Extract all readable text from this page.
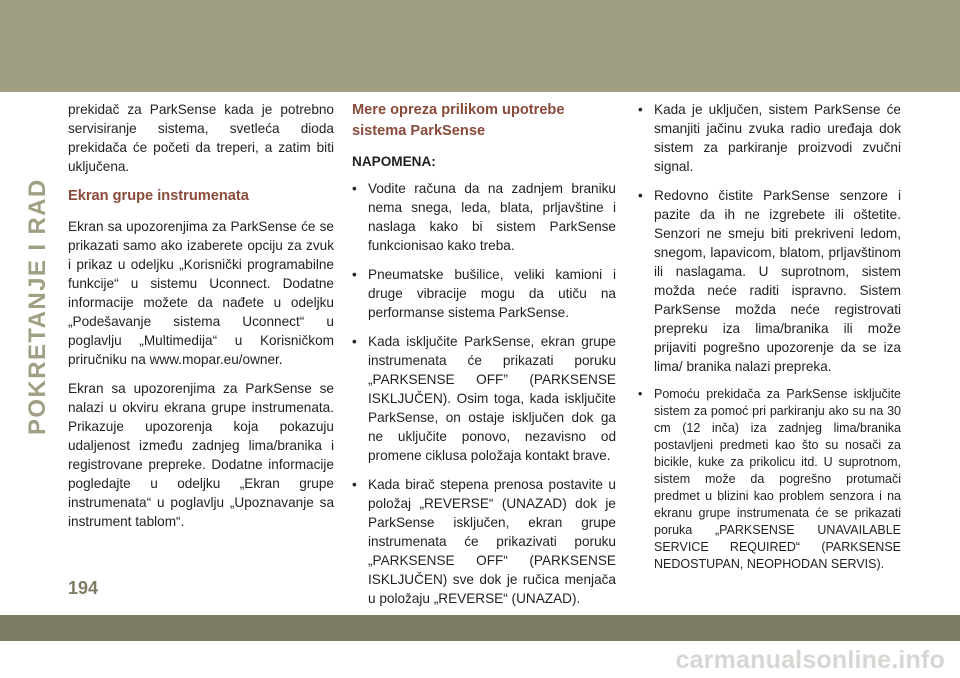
POKRETANJE I RAD

prekidač za ParkSense kada je potrebno servisiranje sistema, svetleća dioda prekidača će početi da treperi, a zatim biti uključena.

Ekran grupe instrumenata

Ekran sa upozorenjima za ParkSense će se prikazati samo ako izaberete opciju za zvuk i prikaz u odeljku „Korisnički programabilne funkcije“ u sistemu Uconnect. Dodatne informacije možete da nađete u odeljku „Podešavanje sistema Uconnect“ u poglavlju „Multimedija“ u Korisničkom priručniku na www.mopar.eu/owner.

Ekran sa upozorenjima za ParkSense se nalazi u okviru ekrana grupe instrumenata. Prikazuje upozorenja koja pokazuju udaljenost između zadnjeg lima/branika i registrovane prepreke. Dodatne informacije pogledajte u odeljku „Ekran grupe instrumenata“ u poglavlju „Upoznavanje sa instrument tablom“.

Mere opreza prilikom upotrebe sistema ParkSense
NAPOMENA:
• Vodite računa da na zadnjem braniku nema snega, leda, blata, prljavštine i naslaga kako bi sistem ParkSense funkcionisao kako treba.
• Pneumatske bušilice, veliki kamioni i druge vibracije mogu da utiču na performanse sistema ParkSense.
• Kada isključite ParkSense, ekran grupe instrumenata će prikazati poruku „PARKSENSE OFF” (PARKSENSE ISKLJUČEN). Osim toga, kada isključite ParkSense, on ostaje isključen dok ga ne uključite ponovo, nezavisno od promene ciklusa položaja kontakt brave.
• Kada birač stepena prenosa postavite u položaj „REVERSE“ (UNAZAD) dok je ParkSense isključen, ekran grupe instrumenata će prikazivati poruku „PARKSENSE OFF“ (PARKSENSE ISKLJUČEN) sve dok je ručica menjača u položaju „REVERSE“ (UNAZAD).
• Kada je uključen, sistem ParkSense će smanjiti jačinu zvuka radio uređaja dok sistem za parkiranje proizvodi zvučni signal.
• Redovno čistite ParkSense senzore i pazite da ih ne izgrebete ili oštetite. Senzori ne smeju biti prekriveni ledom, snegom, lapavicom, blatom, prljavštinom ili naslagama. U suprotnom, sistem možda neće raditi ispravno. Sistem ParkSense možda neće registrovati prepreku iza lima/branika ili može prijaviti pogrešno upozorenje da se iza lima/ branika nalazi prepreka.
• Pomoću prekidača za ParkSense isključite sistem za pomoć pri parkiranju ako su na 30 cm (12 inča) iza zadnjeg lima/branika postavljeni predmeti kao što su nosači za bicikle, kuke za prikolicu itd. U suprotnom, sistem može da pogrešno protumači predmet u blizini kao problem senzora i na ekranu grupe instrumenata će se prikazati poruka „PARKSENSE UNAVAILABLE SERVICE REQUIRED“ (PARKSENSE NEDOSTUPAN, NEOPHODAN SERVIS).
194
carmanualsonline.info
